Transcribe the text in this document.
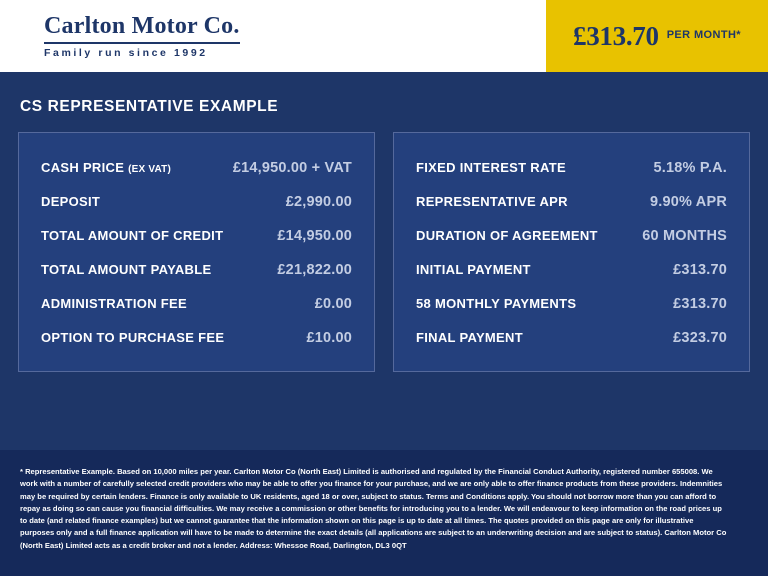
Carlton Motor Co.
Family run since 1992
£313.70 PER MONTH*
CS REPRESENTATIVE EXAMPLE
CASH PRICE (EX VAT)	£14,950.00 + VAT
DEPOSIT	£2,990.00
TOTAL AMOUNT OF CREDIT	£14,950.00
TOTAL AMOUNT PAYABLE	£21,822.00
ADMINISTRATION FEE	£0.00
OPTION TO PURCHASE FEE	£10.00
FIXED INTEREST RATE	5.18% P.A.
REPRESENTATIVE APR	9.90% APR
DURATION OF AGREEMENT	60 MONTHS
INITIAL PAYMENT	£313.70
58 MONTHLY PAYMENTS	£313.70
FINAL PAYMENT	£323.70

* Representative Example. Based on 10,000 miles per year. Carlton Motor Co (North East) Limited is authorised and regulated by the Financial Conduct Authority, registered number 655008. We work with a number of carefully selected credit providers who may be able to offer you finance for your purchase, and we are only able to offer finance products from these providers. Indemnities may be required by certain lenders. Finance is only available to UK residents, aged 18 or over, subject to status. Terms and Conditions apply. You should not borrow more than you can afford to repay as doing so can cause you financial difficulties. We may receive a commission or other benefits for introducing you to a lender. We will endeavour to keep information on the road prices up to date (and related finance examples) but we cannot guarantee that the information shown on this page is up to date at all times. The quotes provided on this page are only for illustrative purposes only and a full finance application will have to be made to determine the exact details (all applications are subject to an underwriting decision and are subject to status). Carlton Motor Co (North East) Limited acts as a credit broker and not a lender. Address: Whessoe Road, Darlington, DL3 0QT
